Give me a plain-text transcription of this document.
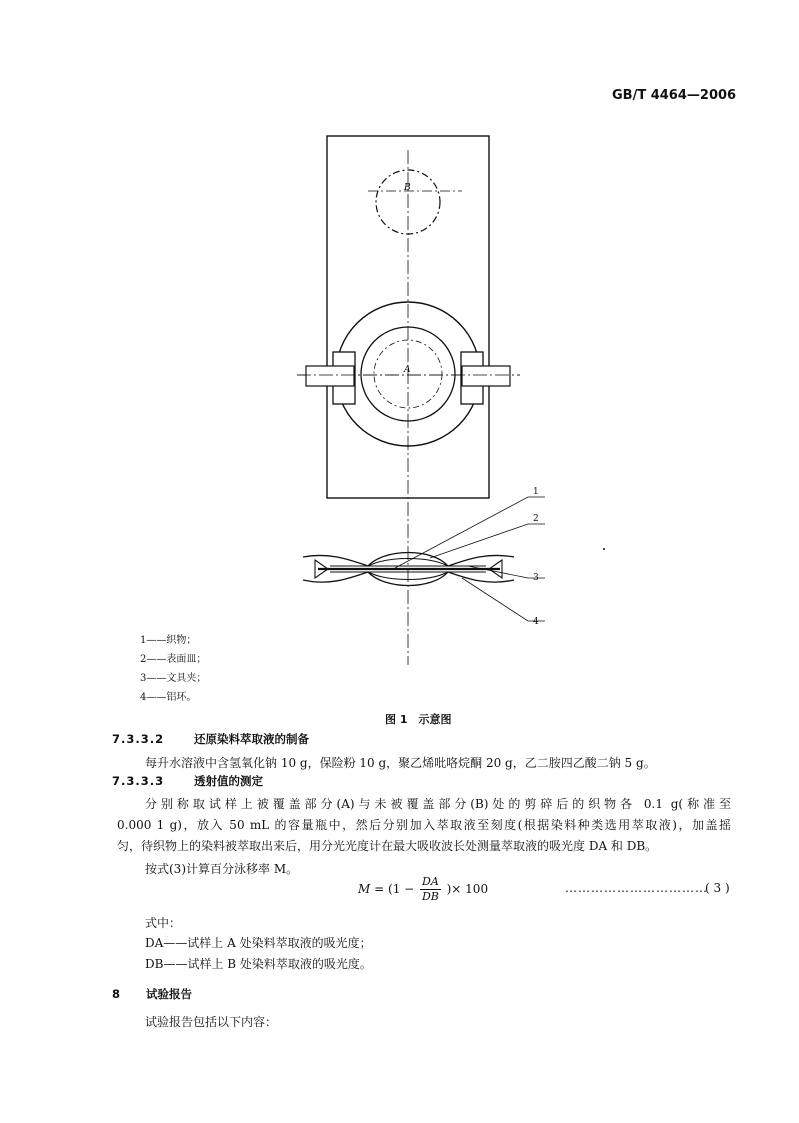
GB/T 4464—2006
B
A
1
2
3
4
1——织物；
2——表面皿；
3——文具夹；
4——铝环。
图 1　示意图
7.3.3.2	还原染料萃取液的制备
每升水溶液中含氢氧化钠 10 g，保险粉 10 g，聚乙烯吡咯烷酮 20 g，乙二胺四乙酸二钠 5 g。
7.3.3.3	透射值的测定
分别称取试样上被覆盖部分(A)与未被覆盖部分(B)处的剪碎后的织物各 0.1 g(称准至
0.000 1 g)，放入 50 mL 的容量瓶中，然后分别加入萃取液至刻度(根据染料种类选用萃取液)，加盖摇
匀，待织物上的染料被萃取出来后，用分光光度计在最大吸收波长处测量萃取液的吸光度 DA 和 DB。
按式(3)计算百分泳移率 M。
$M = (1 - \frac{DA}{DB}$ )× 100	……………………………
( 3 )
式中：
DA——试样上 A 处染料萃取液的吸光度；
DB——试样上 B 处染料萃取液的吸光度。
8 试验报告
试验报告包括以下内容：
